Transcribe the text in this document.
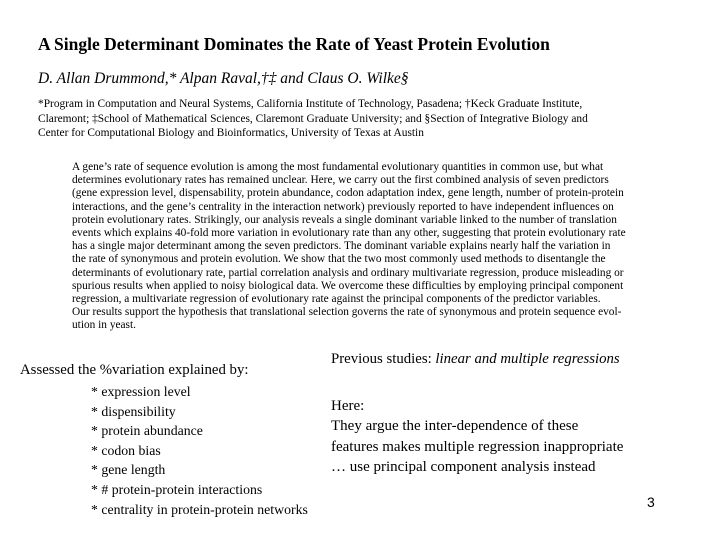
A Single Determinant Dominates the Rate of Yeast Protein Evolution
D. Allan Drummond,* Alpan Raval,†‡ and Claus O. Wilke§
*Program in Computation and Neural Systems, California Institute of Technology, Pasadena; †Keck Graduate Institute,
Claremont; ‡School of Mathematical Sciences, Claremont Graduate University; and §Section of Integrative Biology and
Center for Computational Biology and Bioinformatics, University of Texas at Austin
A gene’s rate of sequence evolution is among the most fundamental evolutionary quantities in common use, but what
determines evolutionary rates has remained unclear. Here, we carry out the first combined analysis of seven predictors
(gene expression level, dispensability, protein abundance, codon adaptation index, gene length, number of protein-protein
interactions, and the gene’s centrality in the interaction network) previously reported to have independent influences on
protein evolutionary rates. Strikingly, our analysis reveals a single dominant variable linked to the number of translation
events which explains 40-fold more variation in evolutionary rate than any other, suggesting that protein evolutionary rate
has a single major determinant among the seven predictors. The dominant variable explains nearly half the variation in
the rate of synonymous and protein evolution. We show that the two most commonly used methods to disentangle the
determinants of evolutionary rate, partial correlation analysis and ordinary multivariate regression, produce misleading or
spurious results when applied to noisy biological data. We overcome these difficulties by employing principal component
regression, a multivariate regression of evolutionary rate against the principal components of the predictor variables.
Our results support the hypothesis that translational selection governs the rate of synonymous and protein sequence evol-
ution in yeast.
Assessed the %variation explained by:
Previous studies: linear and multiple regressions
* expression level
* dispensibility
* protein abundance
* codon bias
* gene length
* # protein-protein interactions
* centrality in protein-protein networks
Here:
They argue the inter-dependence of these
features makes multiple regression inappropriate
… use principal component analysis instead
3
